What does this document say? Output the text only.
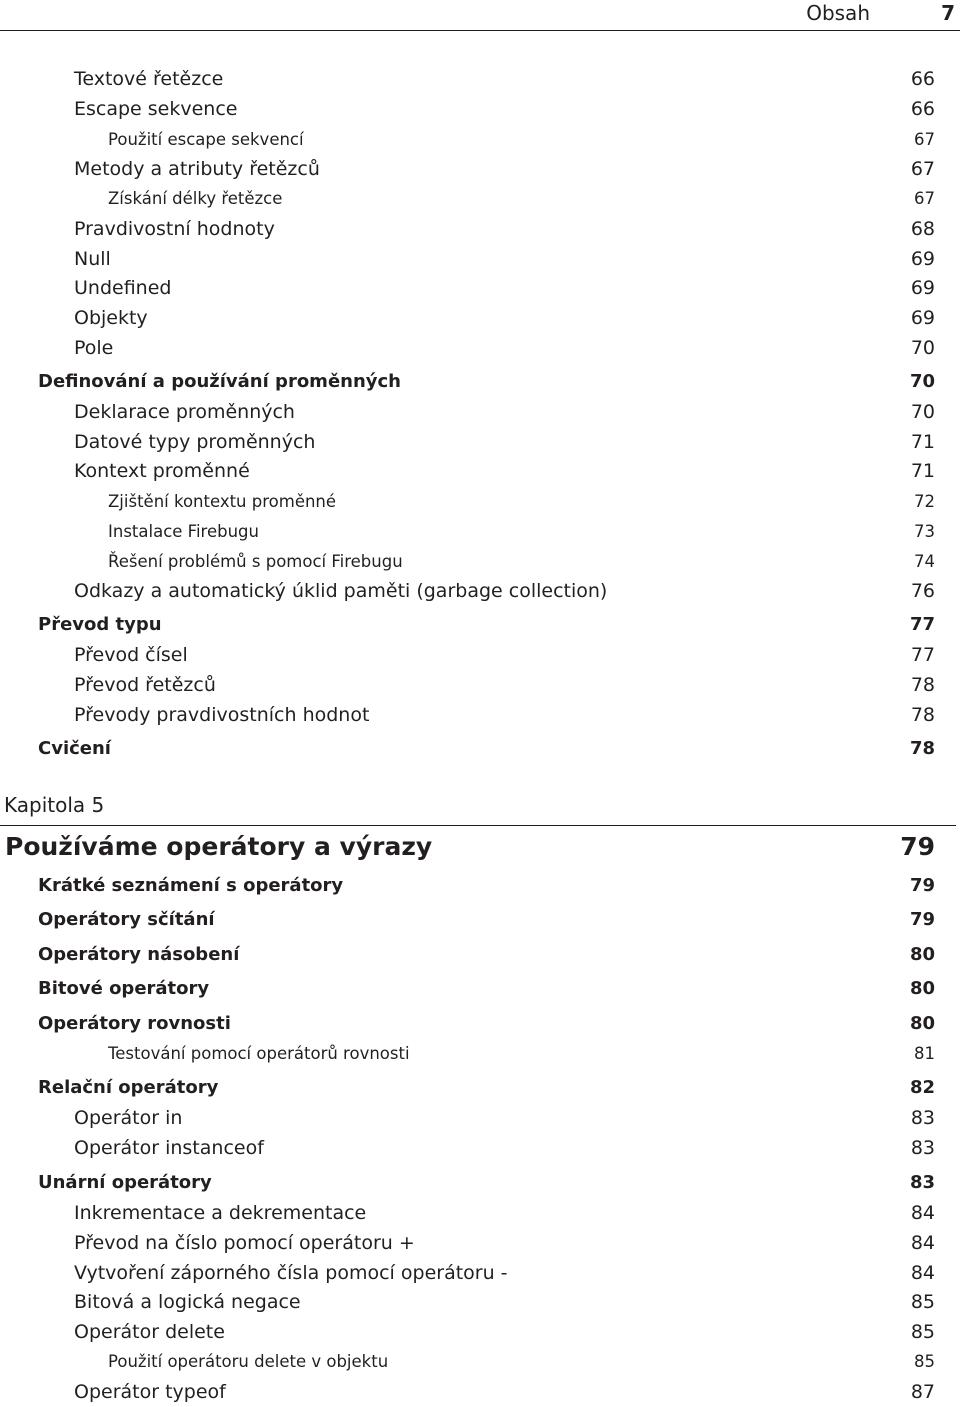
Obsah	7
Textové řetězce	66
Escape sekvence	66
Použití escape sekvencí	67
Metody a atributy řetězců	67
Získání délky řetězce	67
Pravdivostní hodnoty	68
Null	69
Undefined	69
Objekty	69
Pole	70
Definování a používání proměnných	70
Deklarace proměnných	70
Datové typy proměnných	71
Kontext proměnné	71
Zjištění kontextu proměnné	72
Instalace Firebugu	73
Řešení problémů s pomocí Firebugu	74
Odkazy a automatický úklid paměti (garbage collection)	76
Převod typu	77
Převod čísel	77
Převod řetězců	78
Převody pravdivostních hodnot	78
Cvičení	78
Kapitola 5
Používáme operátory a výrazy	79
Krátké seznámení s operátory	79
Operátory sčítání	79
Operátory násobení	80
Bitové operátory	80
Operátory rovnosti	80
Testování pomocí operátorů rovnosti	81
Relační operátory	82
Operátor in	83
Operátor instanceof	83
Unární operátory	83
Inkrementace a dekrementace	84
Převod na číslo pomocí operátoru +	84
Vytvoření záporného čísla pomocí operátoru -	84
Bitová a logická negace	85
Operátor delete	85
Použití operátoru delete v objektu	85
Operátor typeof	87
